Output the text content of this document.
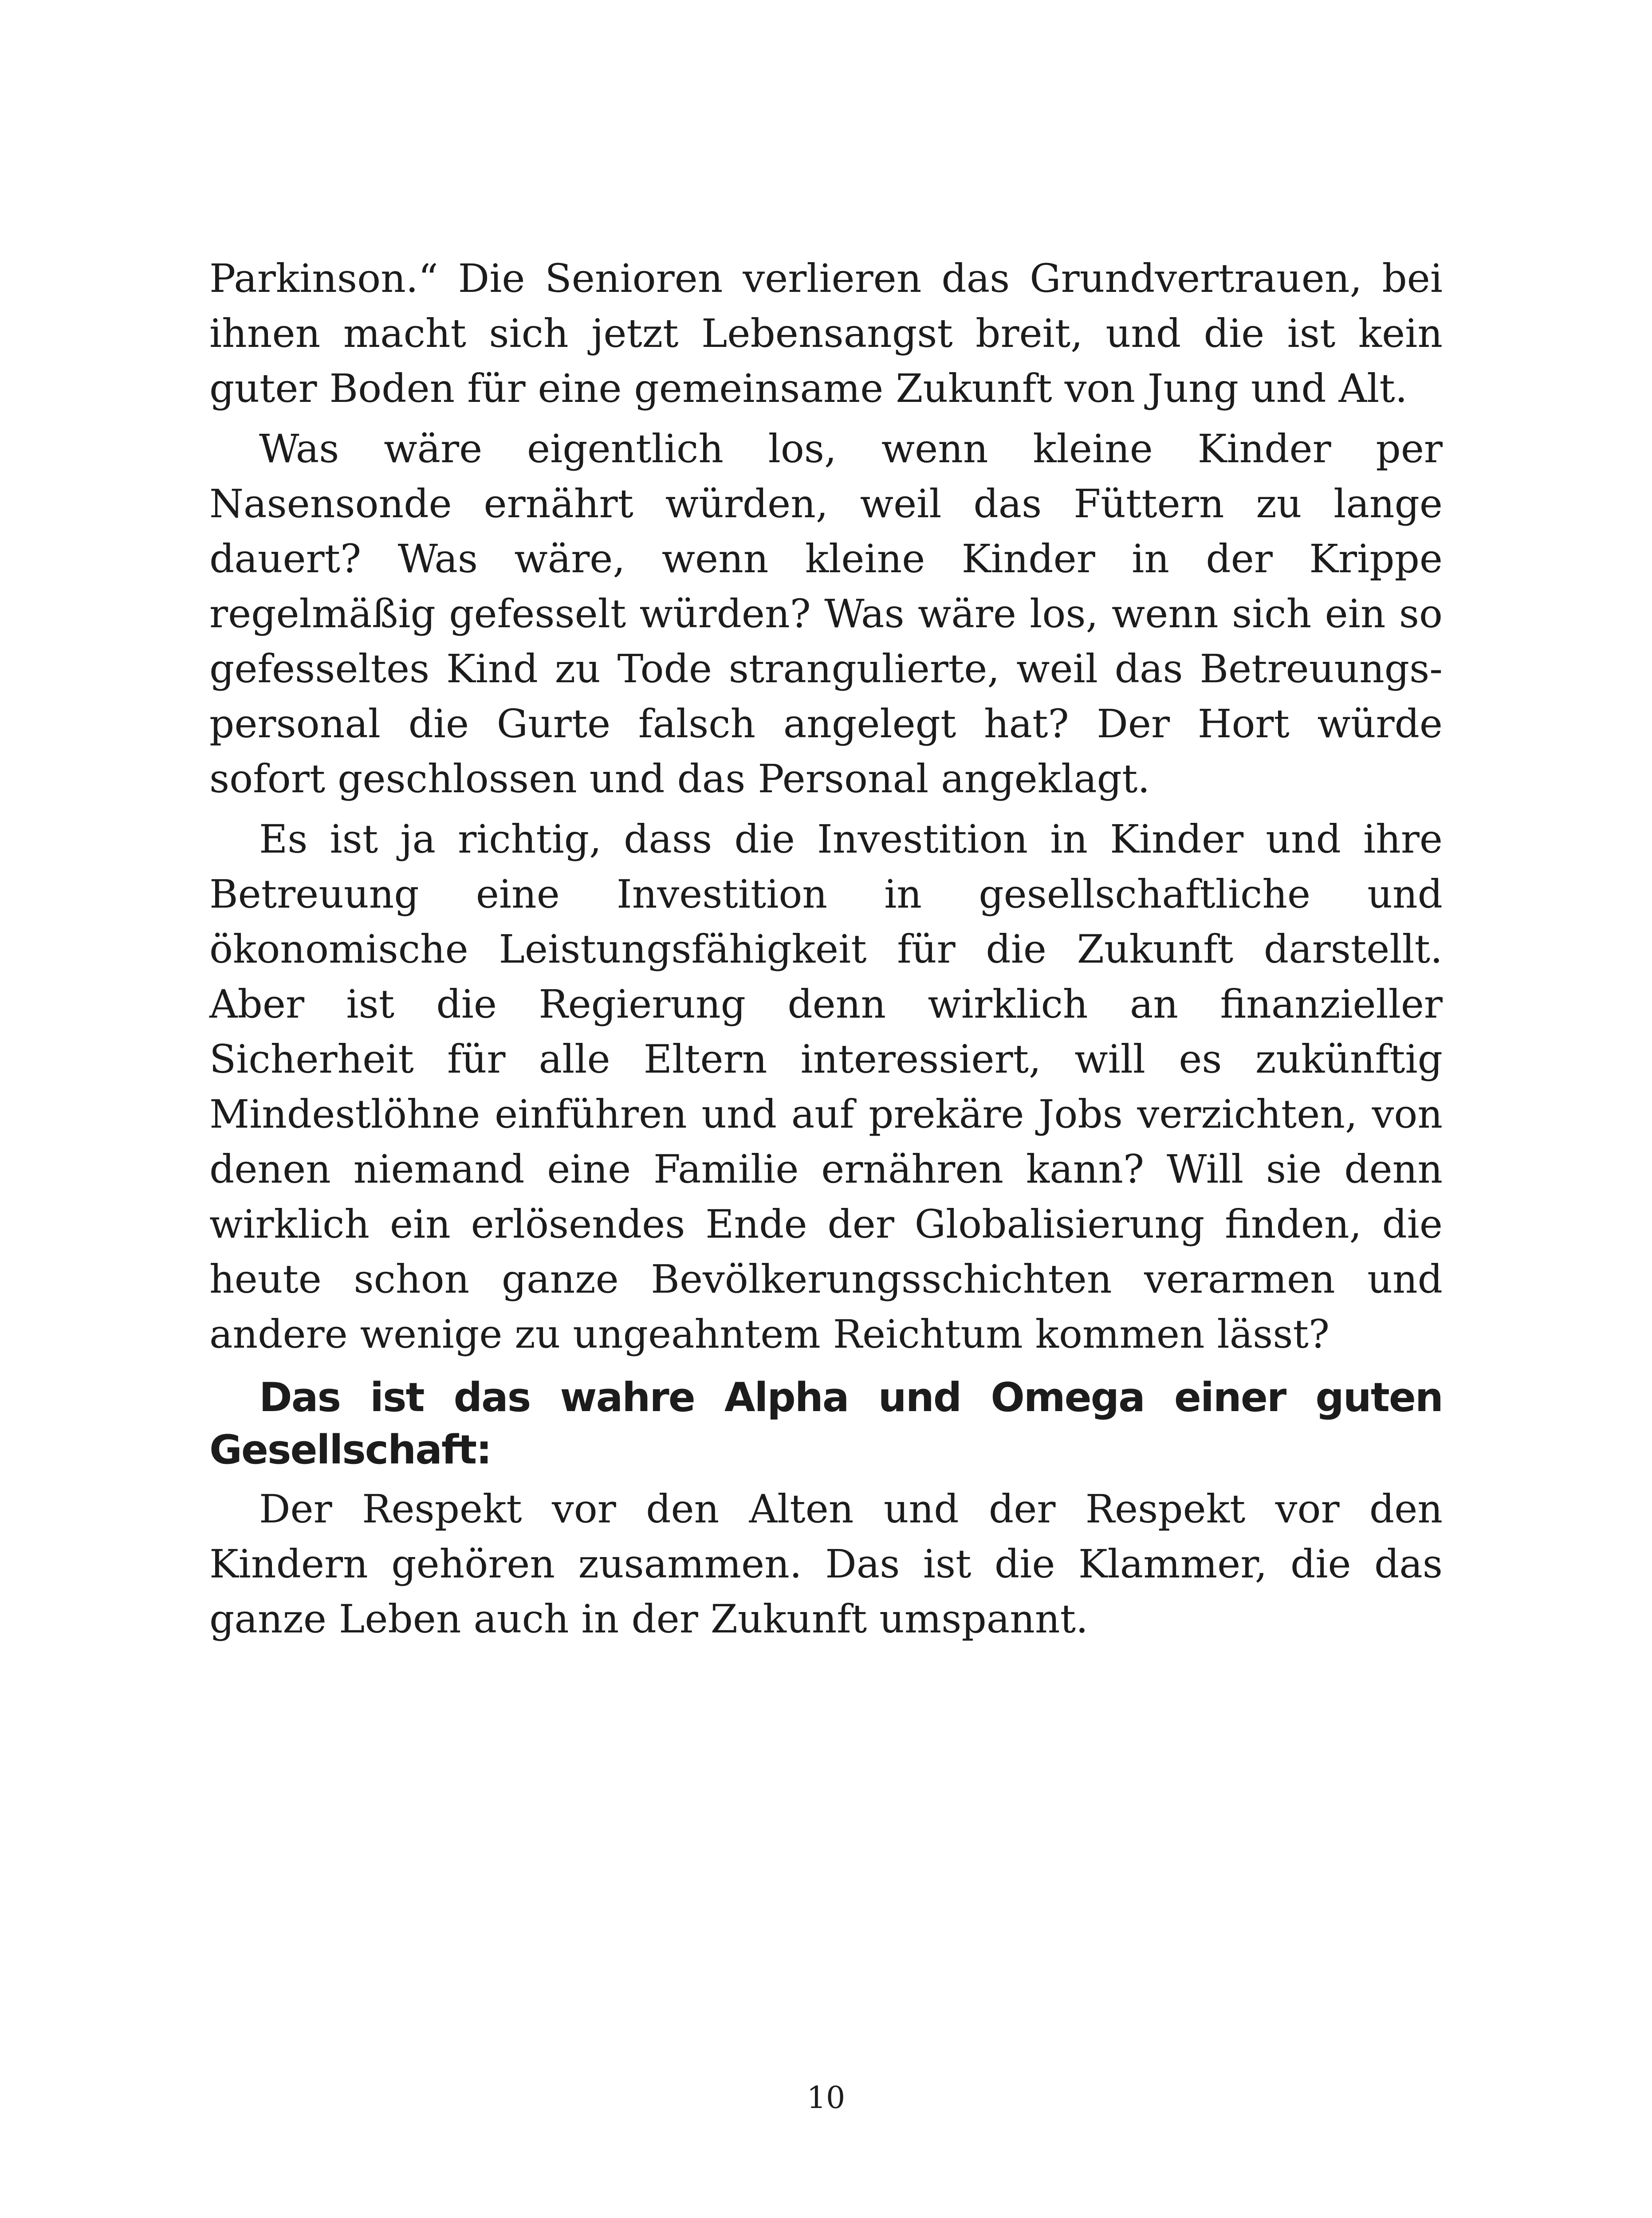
Parkinson.“ Die Senioren verlieren das Grundvertrauen, bei ihnen macht sich jetzt Lebensangst breit, und die ist kein guter Boden für eine gemeinsame Zukunft von Jung und Alt.

Was wäre eigentlich los, wenn kleine Kinder per Nasensonde ernährt würden, weil das Füttern zu lange dauert? Was wäre, wenn kleine Kinder in der Krippe regelmäßig gefesselt würden? Was wäre los, wenn sich ein so gefesseltes Kind zu Tode strangulierte, weil das Betreuungspersonal die Gurte falsch angelegt hat? Der Hort würde sofort geschlossen und das Personal angeklagt.

Es ist ja richtig, dass die Investition in Kinder und ihre Betreuung eine Investition in gesellschaftliche und ökonomische Leistungsfähigkeit für die Zukunft darstellt. Aber ist die Regierung denn wirklich an finanzieller Sicherheit für alle Eltern interessiert, will es zukünftig Mindestlöhne einführen und auf prekäre Jobs verzichten, von denen niemand eine Familie ernähren kann? Will sie denn wirklich ein erlösendes Ende der Globalisierung finden, die heute schon ganze Bevölkerungsschichten verarmen und andere wenige zu ungeahntem Reichtum kommen lässt?

Das ist das wahre Alpha und Omega einer guten Gesellschaft:

Der Respekt vor den Alten und der Respekt vor den Kindern gehören zusammen. Das ist die Klammer, die das ganze Leben auch in der Zukunft umspannt.

10
